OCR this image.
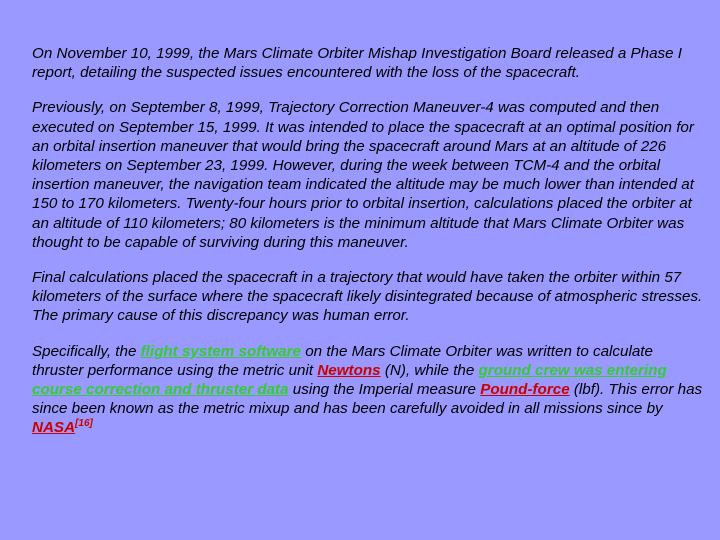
On November 10, 1999, the Mars Climate Orbiter Mishap Investigation Board released a Phase I report, detailing the suspected issues encountered with the loss of the spacecraft.

Previously, on September 8, 1999, Trajectory Correction Maneuver-4 was computed and then executed on September 15, 1999. It was intended to place the spacecraft at an optimal position for an orbital insertion maneuver that would bring the spacecraft around Mars at an altitude of 226 kilometers on September 23, 1999. However, during the week between TCM-4 and the orbital insertion maneuver, the navigation team indicated the altitude may be much lower than intended at 150 to 170 kilometers. Twenty-four hours prior to orbital insertion, calculations placed the orbiter at an altitude of 110 kilometers; 80 kilometers is the minimum altitude that Mars Climate Orbiter was thought to be capable of surviving during this maneuver.

Final calculations placed the spacecraft in a trajectory that would have taken the orbiter within 57 kilometers of the surface where the spacecraft likely disintegrated because of atmospheric stresses. The primary cause of this discrepancy was human error.

Specifically, the flight system software on the Mars Climate Orbiter was written to calculate thruster performance using the metric unit Newtons (N), while the ground crew was entering course correction and thruster data using the Imperial measure Pound-force (lbf). This error has since been known as the metric mixup and has been carefully avoided in all missions since by NASA[16]
